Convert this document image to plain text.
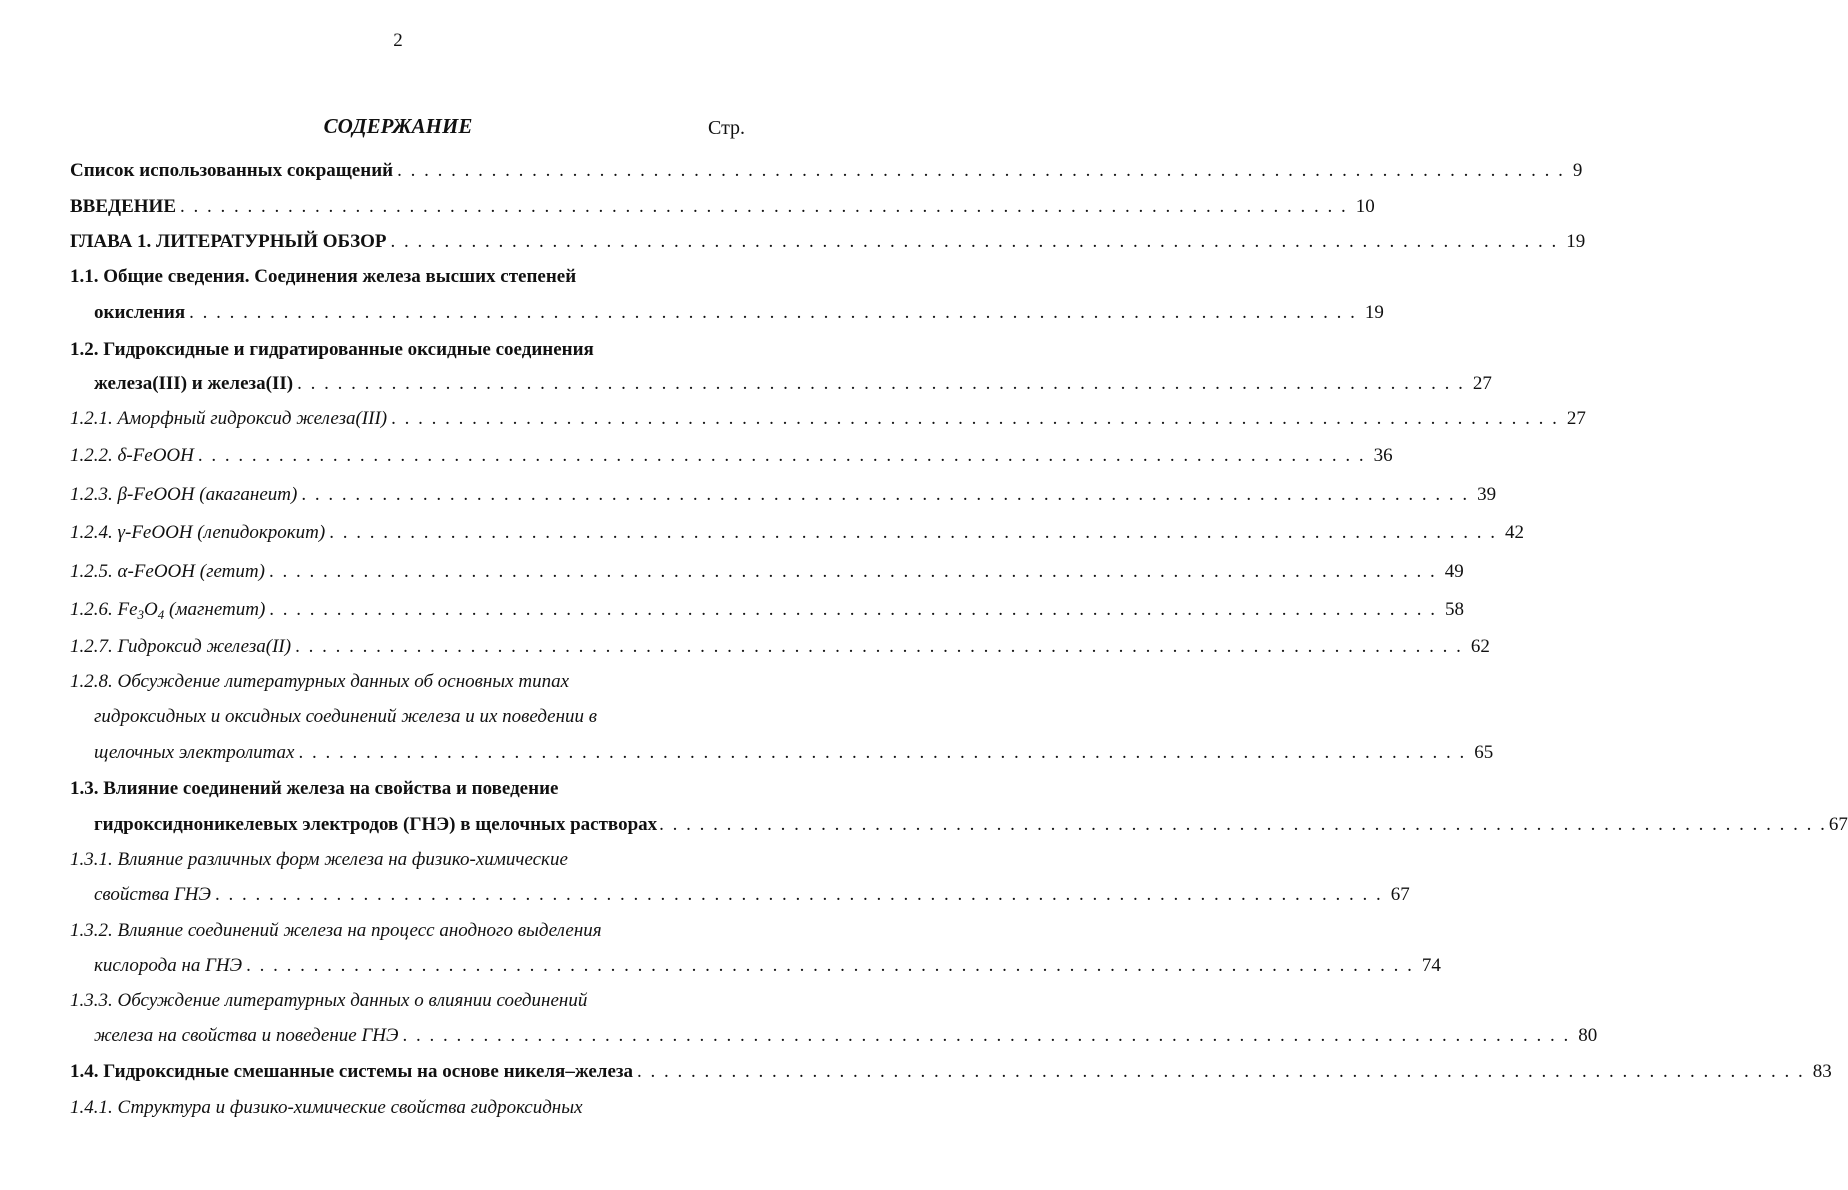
2
СОДЕРЖАНИЕ	Стр.
Список использованных сокращений . . . . . . . . . . . . . . . . . . . . . . . . . . . . . . . . . . . . . . . . . . . . . . . . . . . . . . . . . . . . . . . . . . . . . . . . . . . . . . . . . . . . . . . 9
ВВЕДЕНИЕ . . . . . . . . . . . . . . . . . . . . . . . . . . . . . . . . . . . . . . . . . . . . . . . . . . . . . . . . . . . . . . . . . . . . . . . . . . . . . . . . . . . . . . . 10
ГЛАВА 1. ЛИТЕРАТУРНЫЙ ОБЗОР . . . . . . . . . . . . . . . . . . . . . . . . . . . . . . . . . . . . . . . . . . . . . . . . . . . . . . . . . . . . . . . . . . . . . . . . . . . . . . . . . . . . . . . 19
1.1. Общие сведения. Соединения железа высших степеней
окисления . . . . . . . . . . . . . . . . . . . . . . . . . . . . . . . . . . . . . . . . . . . . . . . . . . . . . . . . . . . . . . . . . . . . . . . . . . . . . . . . . . . . . . . 19
1.2. Гидроксидные и гидратированные оксидные соединения
железа(III) и железа(II) . . . . . . . . . . . . . . . . . . . . . . . . . . . . . . . . . . . . . . . . . . . . . . . . . . . . . . . . . . . . . . . . . . . . . . . . . . . . . . . . . . . . . . . 27
1.2.1. Аморфный гидроксид железа(III) . . . . . . . . . . . . . . . . . . . . . . . . . . . . . . . . . . . . . . . . . . . . . . . . . . . . . . . . . . . . . . . . . . . . . . . . . . . . . . . . . . . . . . . 27
1.2.2. δ-FeOOH . . . . . . . . . . . . . . . . . . . . . . . . . . . . . . . . . . . . . . . . . . . . . . . . . . . . . . . . . . . . . . . . . . . . . . . . . . . . . . . . . . . . . . . 36
1.2.3. β-FeOOH (акаганеит) . . . . . . . . . . . . . . . . . . . . . . . . . . . . . . . . . . . . . . . . . . . . . . . . . . . . . . . . . . . . . . . . . . . . . . . . . . . . . . . . . . . . . . . 39
1.2.4. γ-FeOOH (лепидокрокит) . . . . . . . . . . . . . . . . . . . . . . . . . . . . . . . . . . . . . . . . . . . . . . . . . . . . . . . . . . . . . . . . . . . . . . . . . . . . . . . . . . . . . . . 42
1.2.5. α-FeOOH (гетит) . . . . . . . . . . . . . . . . . . . . . . . . . . . . . . . . . . . . . . . . . . . . . . . . . . . . . . . . . . . . . . . . . . . . . . . . . . . . . . . . . . . . . . . 49
1.2.6. $Fe_3O_4$ (магнетит) . . . . . . . . . . . . . . . . . . . . . . . . . . . . . . . . . . . . . . . . . . . . . . . . . . . . . . . . . . . . . . . . . . . . . . . . . . . . . . . . . . . . . . . 58
1.2.7. Гидроксид железа(II) . . . . . . . . . . . . . . . . . . . . . . . . . . . . . . . . . . . . . . . . . . . . . . . . . . . . . . . . . . . . . . . . . . . . . . . . . . . . . . . . . . . . . . . 62
1.2.8. Обсуждение литературных данных об основных типах
гидроксидных и оксидных соединений железа и их поведении в
щелочных электролитах . . . . . . . . . . . . . . . . . . . . . . . . . . . . . . . . . . . . . . . . . . . . . . . . . . . . . . . . . . . . . . . . . . . . . . . . . . . . . . . . . . . . . . . 65
1.3. Влияние соединений железа на свойства и поведение
гидроксидноникелевых электродов (ГНЭ) в щелочных растворах . . . . . . . . . . . . . . . . . . . . . . . . . . . . . . . . . . . . . . . . . . . . . . . . . . . . . . . . . . . . . . . . . . . . . . . . . . . . . . . . . . . . . . . 67
1.3.1. Влияние различных форм железа на физико-химические
свойства ГНЭ . . . . . . . . . . . . . . . . . . . . . . . . . . . . . . . . . . . . . . . . . . . . . . . . . . . . . . . . . . . . . . . . . . . . . . . . . . . . . . . . . . . . . . . 67
1.3.2. Влияние соединений железа на процесс анодного выделения
кислорода на ГНЭ . . . . . . . . . . . . . . . . . . . . . . . . . . . . . . . . . . . . . . . . . . . . . . . . . . . . . . . . . . . . . . . . . . . . . . . . . . . . . . . . . . . . . . . 74
1.3.3. Обсуждение литературных данных о влиянии соединений
железа на свойства и поведение ГНЭ . . . . . . . . . . . . . . . . . . . . . . . . . . . . . . . . . . . . . . . . . . . . . . . . . . . . . . . . . . . . . . . . . . . . . . . . . . . . . . . . . . . . . . . 80
1.4. Гидроксидные смешанные системы на основе никеля–железа . . . . . . . . . . . . . . . . . . . . . . . . . . . . . . . . . . . . . . . . . . . . . . . . . . . . . . . . . . . . . . . . . . . . . . . . . . . . . . . . . . . . . . . 83
1.4.1. Структура и физико-химические свойства гидроксидных
